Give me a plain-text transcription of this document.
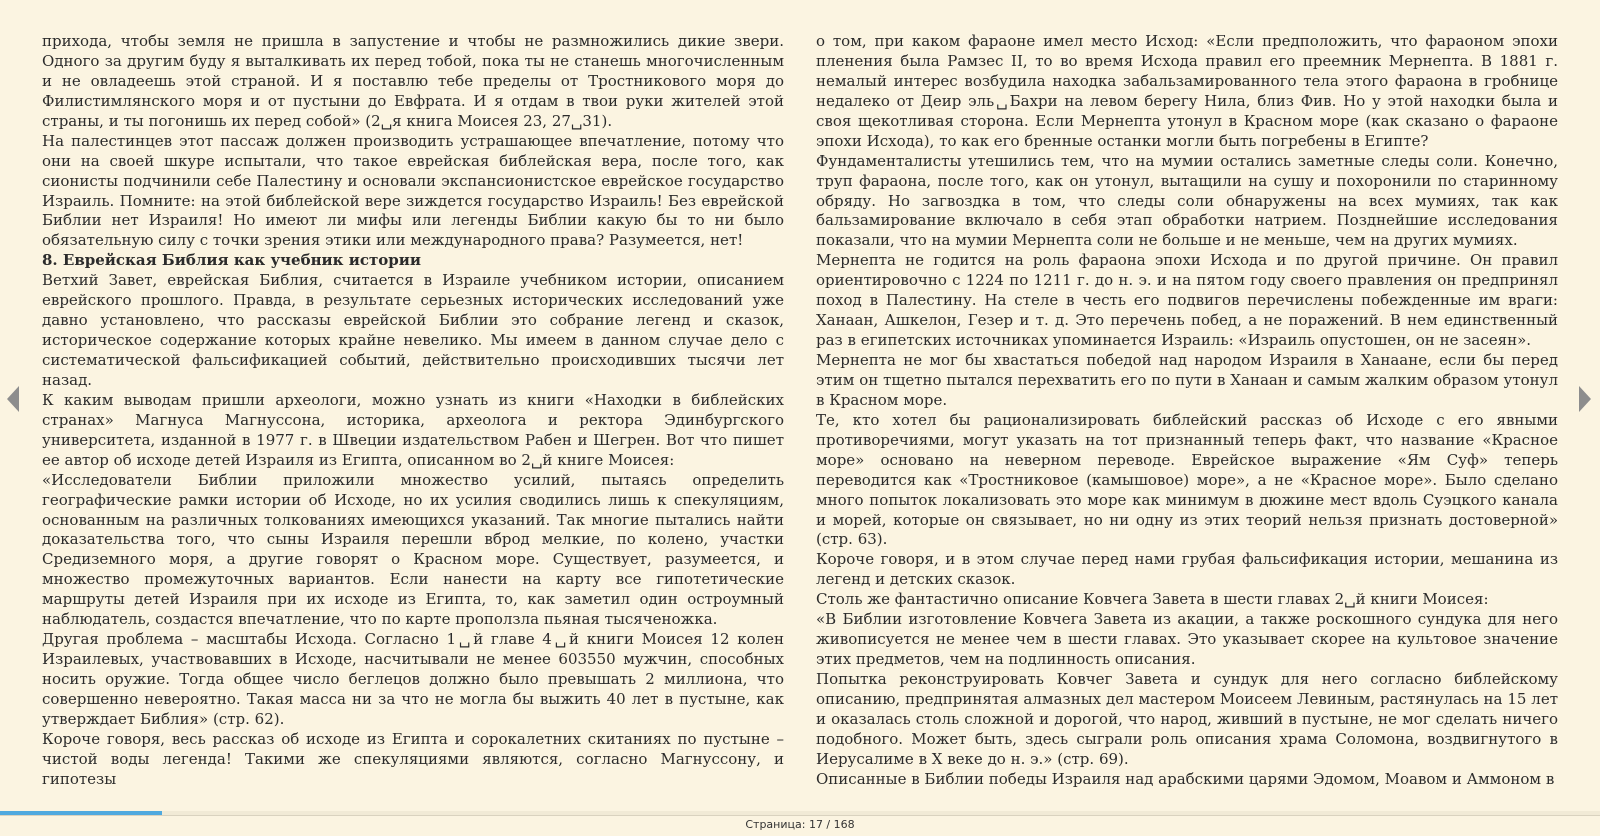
прихода, чтобы земля не пришла в запустение и чтобы не размножились дикие звери. Одного за другим буду я выталкивать их перед тобой, пока ты не станешь многочисленным и не овладеешь этой страной. И я поставлю тебе пределы от Тростникового моря до Филистимлянского моря и от пустыни до Евфрата. И я отдам в твои руки жителей этой страны, и ты погонишь их перед собой» (2␣я книга Моисея 23, 27␣31).

На палестинцев этот пассаж должен производить устрашающее впечатление, потому что они на своей шкуре испытали, что такое еврейская библейская вера, после того, как сионисты подчинили себе Палестину и основали экспансионистское еврейское государство Израиль. Помните: на этой библейской вере зиждется государство Израиль! Без еврейской Библии нет Израиля! Но имеют ли мифы или легенды Библии какую бы то ни было обязательную силу с точки зрения этики или международного права? Разумеется, нет!

8. Еврейская Библия как учебник истории

Ветхий Завет, еврейская Библия, считается в Израиле учебником истории, описанием еврейского прошлого. Правда, в результате серьезных исторических исследований уже давно установлено, что рассказы еврейской Библии это собрание легенд и сказок, историческое содержание которых крайне невелико. Мы имеем в данном случае дело с систематической фальсификацией событий, действительно происходивших тысячи лет назад.

К каким выводам пришли археологи, можно узнать из книги «Находки в библейских странах» Магнуса Магнуссона, историка, археолога и ректора Эдинбургского университета, изданной в 1977 г. в Швеции издательством Рабен и Шегрен. Вот что пишет ее автор об исходе детей Израиля из Египта, описанном во 2␣й книге Моисея:

«Исследователи Библии приложили множество усилий, пытаясь определить географические рамки истории об Исходе, но их усилия сводились лишь к спекуляциям, основанным на различных толкованиях имеющихся указаний. Так многие пытались найти доказательства того, что сыны Израиля перешли вброд мелкие, по колено, участки Средиземного моря, а другие говорят о Красном море. Существует, разумеется, и множество промежуточных вариантов. Если нанести на карту все гипотетические маршруты детей Израиля при их исходе из Египта, то, как заметил один остроумный наблюдатель, создастся впечатление, что по карте проползла пьяная тысяченожка.

Другая проблема – масштабы Исхода. Согласно 1␣й главе 4␣й книги Моисея 12 колен Израилевых, участвовавших в Исходе, насчитывали не менее 603550 мужчин, способных носить оружие. Тогда общее число беглецов должно было превышать 2 миллиона, что совершенно невероятно. Такая масса ни за что не могла бы выжить 40 лет в пустыне, как утверждает Библия» (стр. 62).

Короче говоря, весь рассказ об исходе из Египта и сорокалетних скитаниях по пустыне – чистой воды легенда! Такими же спекуляциями являются, согласно Магнуссону, и гипотезы

о том, при каком фараоне имел место Исход: «Если предположить, что фараоном эпохи пленения была Рамзес II, то во время Исхода правил его преемник Мернепта. В 1881 г. немалый интерес возбудила находка забальзамированного тела этого фараона в гробнице недалеко от Деир эль␣Бахри на левом берегу Нила, близ Фив. Но у этой находки была и своя щекотливая сторона. Если Мернепта утонул в Красном море (как сказано о фараоне эпохи Исхода), то как его бренные останки могли быть погребены в Египте?

Фундаменталисты утешились тем, что на мумии остались заметные следы соли. Конечно, труп фараона, после того, как он утонул, вытащили на сушу и похоронили по старинному обряду. Но загвоздка в том, что следы соли обнаружены на всех мумиях, так как бальзамирование включало в себя этап обработки натрием. Позднейшие исследования показали, что на мумии Мернепта соли не больше и не меньше, чем на других мумиях.

Мернепта не годится на роль фараона эпохи Исхода и по другой причине. Он правил ориентировочно с 1224 по 1211 г. до н. э. и на пятом году своего правления он предпринял поход в Палестину. На стеле в честь его подвигов перечислены побежденные им враги: Ханаан, Ашкелон, Гезер и т. д. Это перечень побед, а не поражений. В нем единственный раз в египетских источниках упоминается Израиль: «Израиль опустошен, он не засеян».

Мернепта не мог бы хвастаться победой над народом Израиля в Ханаане, если бы перед этим он тщетно пытался перехватить его по пути в Ханаан и самым жалким образом утонул в Красном море.

Те, кто хотел бы рационализировать библейский рассказ об Исходе с его явными противоречиями, могут указать на тот признанный теперь факт, что название «Красное море» основано на неверном переводе. Еврейское выражение «Ям Суф» теперь переводится как «Тростниковое (камышовое) море», а не «Красное море». Было сделано много попыток локализовать это море как минимум в дюжине мест вдоль Суэцкого канала и морей, которые он связывает, но ни одну из этих теорий нельзя признать достоверной» (стр. 63).

Короче говоря, и в этом случае перед нами грубая фальсификация истории, мешанина из легенд и детских сказок.

Столь же фантастично описание Ковчега Завета в шести главах 2␣й книги Моисея:

«В Библии изготовление Ковчега Завета из акации, а также роскошного сундука для него живописуется не менее чем в шести главах. Это указывает скорее на культовое значение этих предметов, чем на подлинность описания.

Попытка реконструировать Ковчег Завета и сундук для него согласно библейскому описанию, предпринятая алмазных дел мастером Моисеем Левиным, растянулась на 15 лет и оказалась столь сложной и дорогой, что народ, живший в пустыне, не мог сделать ничего подобного. Может быть, здесь сыграли роль описания храма Соломона, воздвигнутого в Иерусалиме в X веке до н. э.» (стр. 69).

Описанные в Библии победы Израиля над арабскими царями Эдомом, Моавом и Аммоном в

Страница: 17 / 168
